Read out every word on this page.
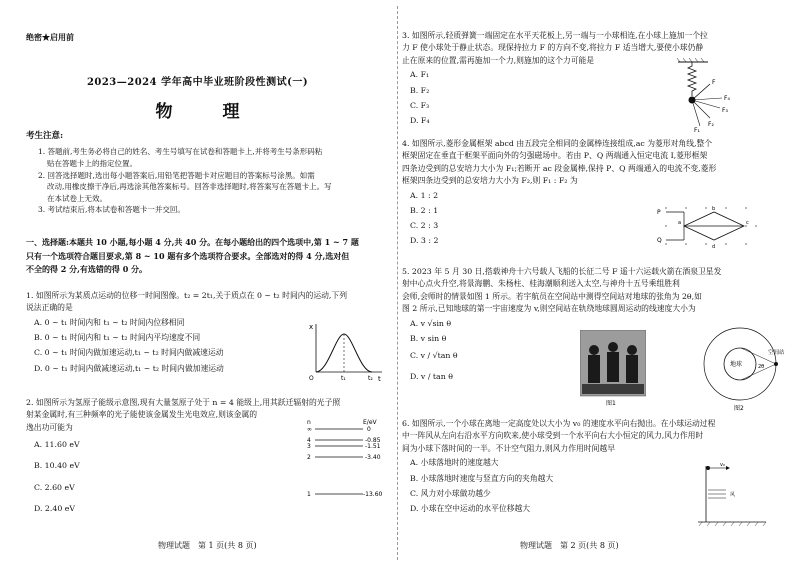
绝密★启用前
2023—2024 学年高中毕业班阶段性测试(一)
物 理
考生注意:
1. 答题前,考生务必将自己的姓名、考生号填写在试卷和答题卡上,并将考生号条形码粘
贴在答题卡上的指定位置。
2. 回答选择题时,选出每小题答案后,用铅笔把答题卡对应题目的答案标号涂黑。如需
改动,用橡皮擦干净后,再选涂其他答案标号。回答非选择题时,将答案写在答题卡上。写
在本试卷上无效。
3. 考试结束后,将本试卷和答题卡一并交回。
一、选择题:本题共 10 小题,每小题 4 分,共 40 分。在每小题给出的四个选项中,第 1 ~ 7 题
只有一个选项符合题目要求,第 8 ~ 10 题有多个选项符合要求。全部选对的得 4 分,选对但
不全的得 2 分,有选错的得 0 分。
1. 如图所示为某质点运动的位移一时间图像。t₂ = 2t₁,关于质点在 0 ~ t₂ 时间内的运动,下列
说法正确的是
A. 0 ~ t₁ 时间内和 t₁ ~ t₂ 时间内位移相同
B. 0 ~ t₁ 时间内和 t₁ ~ t₂ 时间内平均速度不同
C. 0 ~ t₁ 时间内做加速运动,t₁ ~ t₂ 时间内做减速运动
D. 0 ~ t₁ 时间内做减速运动,t₁ ~ t₂ 时间内做加速运动
x
t
O	t₁	t₂
2. 如图所示为氢原子能级示意图,现有大量氢原子处于 n = 4 能级上,用其跃迁辐射的光子照
射某金属时,有三种频率的光子能使该金属发生光电效应,则该金属的
逸出功可能为
A. 11.60 eV
B. 10.40 eV
C. 2.60 eV
D. 2.40 eV
n	E/eV
∞	0
4	-0.85
3	-1.51
2	-3.40
1	-13.60
物理试题　第 1 页(共 8 页)
3. 如图所示,轻质弹簧一端固定在水平天花板上,另一端与一小球相连,在小球上施加一个拉
力 F 使小球处于静止状态。现保持拉力 F 的方向不变,将拉力 F 适当增大,要使小球仍静
止在原来的位置,需再施加一个力,则施加的这个力可能是
A. F₁
B. F₂
C. F₃
D. F₄
F
F₁
F₂
F₃
F₄
4. 如图所示,菱形金属框架 abcd 由五段完全相同的金属棒连接组成,ac 为菱形对角线,整个
框架固定在垂直于框架平面向外的匀强磁场中。若由 P、Q 两端通入恒定电流 I,菱形框架
四条边受到的总安培力大小为 F₁;若断开 ac 段金属棒,保持 P、Q 两端通入的电流不变,菱形
框架四条边受到的总安培力大小为 F₂,则 F₁ : F₂ 为
A. 1 : 2
B. 2 : 1
C. 2 : 3
D. 3 : 2
P
Q
a
b
c
d
5. 2023 年 5 月 30 日,搭载神舟十六号载人飞船的长征二号 F 遥十六运载火箭在酒泉卫星发
射中心点火升空,将景海鹏、朱杨柱、桂海潮顺利送入太空,与神舟十五号乘组胜利
会师,会师时的情景如图 1 所示。若宇航员在空间站中测得空间站对地球的张角为 2θ,如
图 2 所示,已知地球的第一宇宙速度为 v,则空间站在轨绕地球圆周运动的线速度大小为
A. v √sin θ
B. v sin θ
C. v / √tan θ
D. v / tan θ
图1
地球
空间站
2θ
图2
6. 如图所示,一个小球在离地一定高度处以大小为 v₀ 的速度水平向右抛出。在小球运动过程
中一阵风从左向右沿水平方向吹来,使小球受到一个水平向右大小恒定的风力,风力作用时
间为小球下落时间的一半。不计空气阻力,则风力作用时间越早
A. 小球落地时的速度越大
B. 小球落地时速度与竖直方向的夹角越大
C. 风力对小球做功越少
D. 小球在空中运动的水平位移越大
v₀
风
物理试题　第 2 页(共 8 页)
